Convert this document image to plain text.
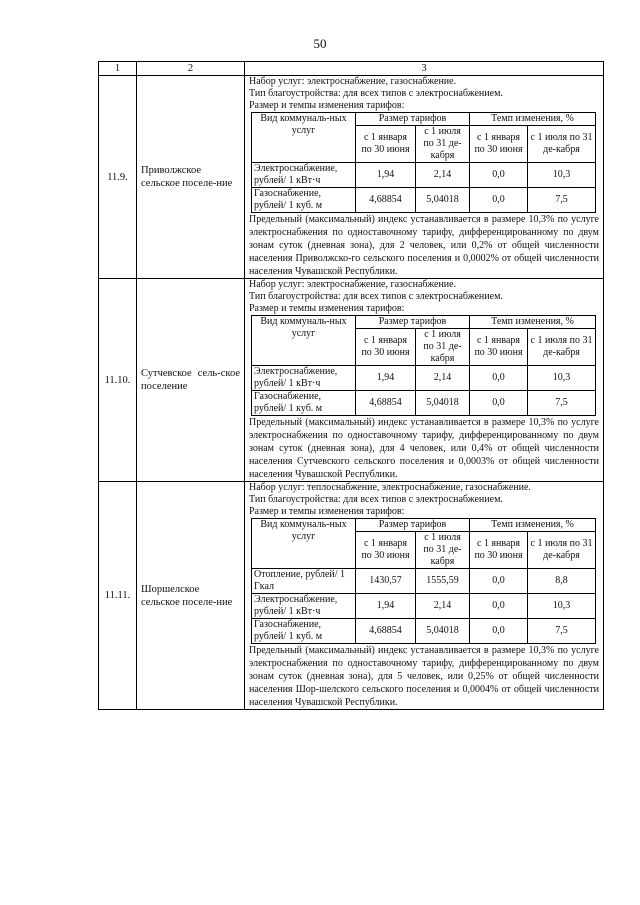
50
1	2	3
11.9.	Приволжское сельское поселе-ние	
Набор услуг: электроснабжение, газоснабжение.
Тип благоустройства: для всех типов с электроснабжением.
Размер и темпы изменения тарифов:
Вид коммуналь-ных услуг	Размер тарифов	Темп изменения, %
с 1 января по 30 июня	с 1 июля по 31 де-кабря	с 1 января по 30 июня	с 1 июля по 31 де-кабря
Электроснабжение, рублей/ 1 кВт·ч	1,94	2,14	0,0	10,3
Газоснабжение, рублей/ 1 куб. м	4,68854	5,04018	0,0	7,5
Предельный (максимальный) индекс устанавливается в размере 10,3% по услуге электроснабжения по одноставочному тарифу, дифференцированному по двум зонам суток (дневная зона), для 2 человек, или 0,2% от общей численности населения Приволжско-го сельского поселения и 0,0002% от общей численности населения Чувашской Республики.

11.10.	Сутчевское сель-ское поселение	
Набор услуг: электроснабжение, газоснабжение.
Тип благоустройства: для всех типов с электроснабжением.
Размер и темпы изменения тарифов:
Вид коммуналь-ных услуг	Размер тарифов	Темп изменения, %
с 1 января по 30 июня	с 1 июля по 31 де-кабря	с 1 января по 30 июня	с 1 июля по 31 де-кабря
Электроснабжение, рублей/ 1 кВт·ч	1,94	2,14	0,0	10,3
Газоснабжение, рублей/ 1 куб. м	4,68854	5,04018	0,0	7,5
Предельный (максимальный) индекс устанавливается в размере 10,3% по услуге электроснабжения по одноставочному тарифу, дифференцированному по двум зонам суток (дневная зона), для 4 человек, или 0,4% от общей численности населения Сутчевского сельского поселения и 0,0003% от общей численности населения Чувашской Республики.

11.11.	Шоршелское сельское поселе-ние	
Набор услуг: теплоснабжение, электроснабжение, газоснабжение.
Тип благоустройства: для всех типов с электроснабжением.
Размер и темпы изменения тарифов:
Вид коммуналь-ных услуг	Размер тарифов	Темп изменения, %
с 1 января по 30 июня	с 1 июля по 31 де-кабря	с 1 января по 30 июня	с 1 июля по 31 де-кабря
Отопление, рублей/ 1 Гкал	1430,57	1555,59	0,0	8,8
Электроснабжение, рублей/ 1 кВт·ч	1,94	2,14	0,0	10,3
Газоснабжение, рублей/ 1 куб. м	4,68854	5,04018	0,0	7,5
Предельный (максимальный) индекс устанавливается в размере 10,3% по услуге электроснабжения по одноставочному тарифу, дифференцированному по двум зонам суток (дневная зона), для 5 человек, или 0,25% от общей численности населения Шор-шелского сельского поселения и 0,0004% от общей численности населения Чувашской Республики.
